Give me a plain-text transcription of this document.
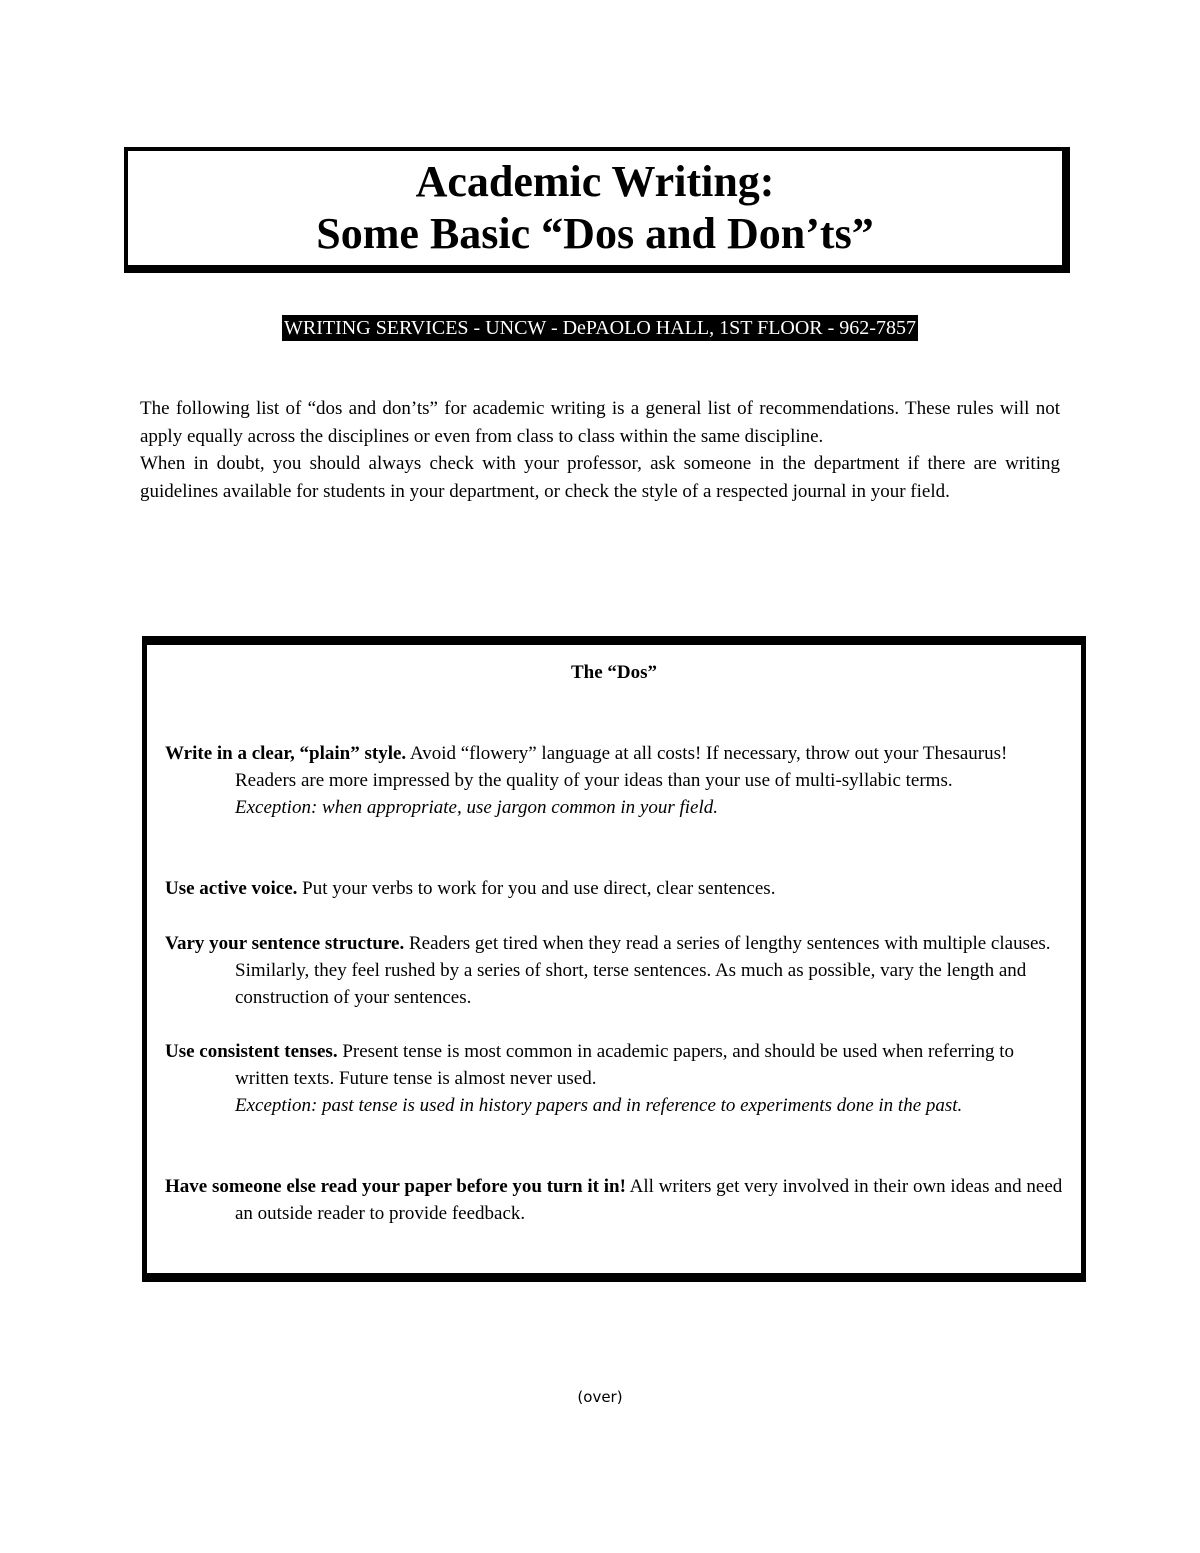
Academic Writing:
Some Basic “Dos and Don’ts”
WRITING SERVICES - UNCW - DePAOLO HALL, 1ST FLOOR - 962-7857

The following list of “dos and don’ts” for academic writing is a general list of recommendations. These rules will not apply equally across the disciplines or even from class to class within the same discipline.

When in doubt, you should always check with your professor, ask someone in the department if there are writing guidelines available for students in your department, or check the style of a respected journal in your field.

The “Dos”
Write in a clear, “plain” style. Avoid “flowery” language at all costs! If necessary, throw out your Thesaurus! Readers are more impressed by the quality of your ideas than your use of multi-syllabic terms.
Exception: when appropriate, use jargon common in your field.
Use active voice. Put your verbs to work for you and use direct, clear sentences.
Vary your sentence structure. Readers get tired when they read a series of lengthy sentences with multiple clauses. Similarly, they feel rushed by a series of short, terse sentences. As much as possible, vary the length and construction of your sentences.
Use consistent tenses. Present tense is most common in academic papers, and should be used when referring to written texts. Future tense is almost never used.
Exception: past tense is used in history papers and in reference to experiments done in the past.
Have someone else read your paper before you turn it in! All writers get very involved in their own ideas and need an outside reader to provide feedback.
(over)
